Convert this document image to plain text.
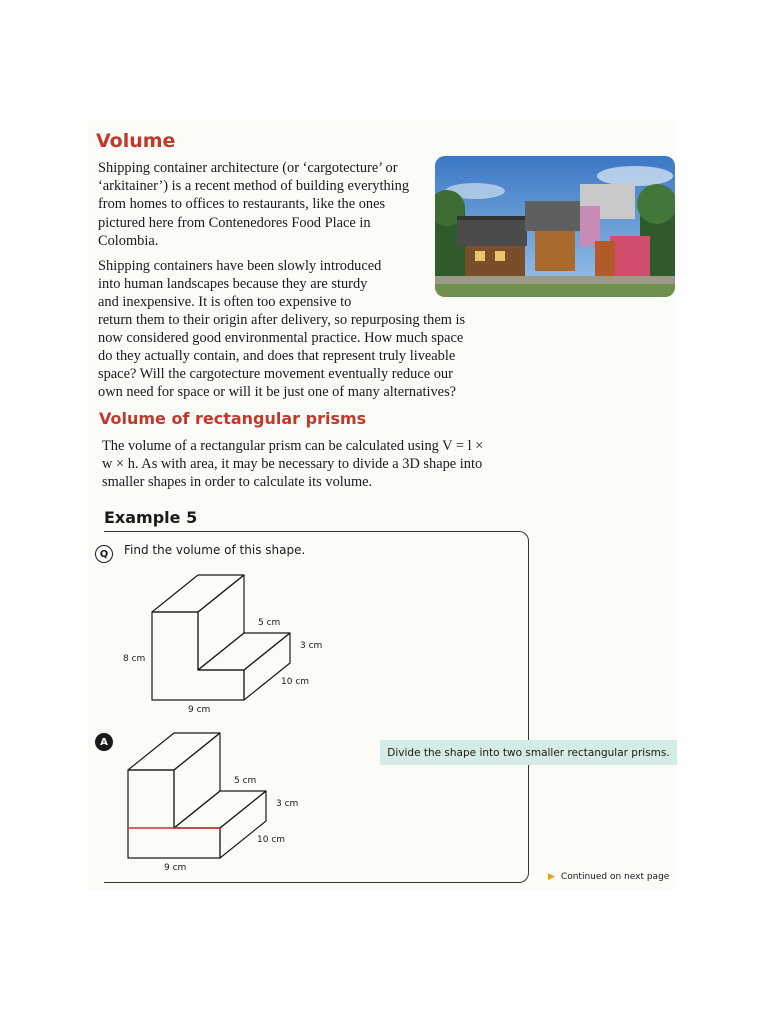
Volume

Shipping container architecture (or ‘cargotecture’ or ‘arkitainer’) is a recent method of building everything from homes to offices to restaurants, like the ones pictured here from Contenedores Food Place in Colombia.

Shipping containers have been slowly introduced

into human landscapes because they are sturdy

and inexpensive. It is often too expensive to

return them to their origin after delivery, so repurposing them is

now considered good environmental practice. How much space

do they actually contain, and does that represent truly liveable

space? Will the cargotecture movement eventually reduce our

own need for space or will it be just one of many alternatives?

Volume of rectangular prisms

The volume of a rectangular prism can be calculated using V = l ×

w × h. As with area, it may be necessary to divide a 3D shape into

smaller shapes in order to calculate its volume.

Example 5
Q	Find the volume of this shape.

8 cm
5 cm
3 cm
10 cm
9 cm
A
5 cm
3 cm
10 cm
9 cm
Divide the shape into two smaller rectangular prisms.
▶ Continued on next page
